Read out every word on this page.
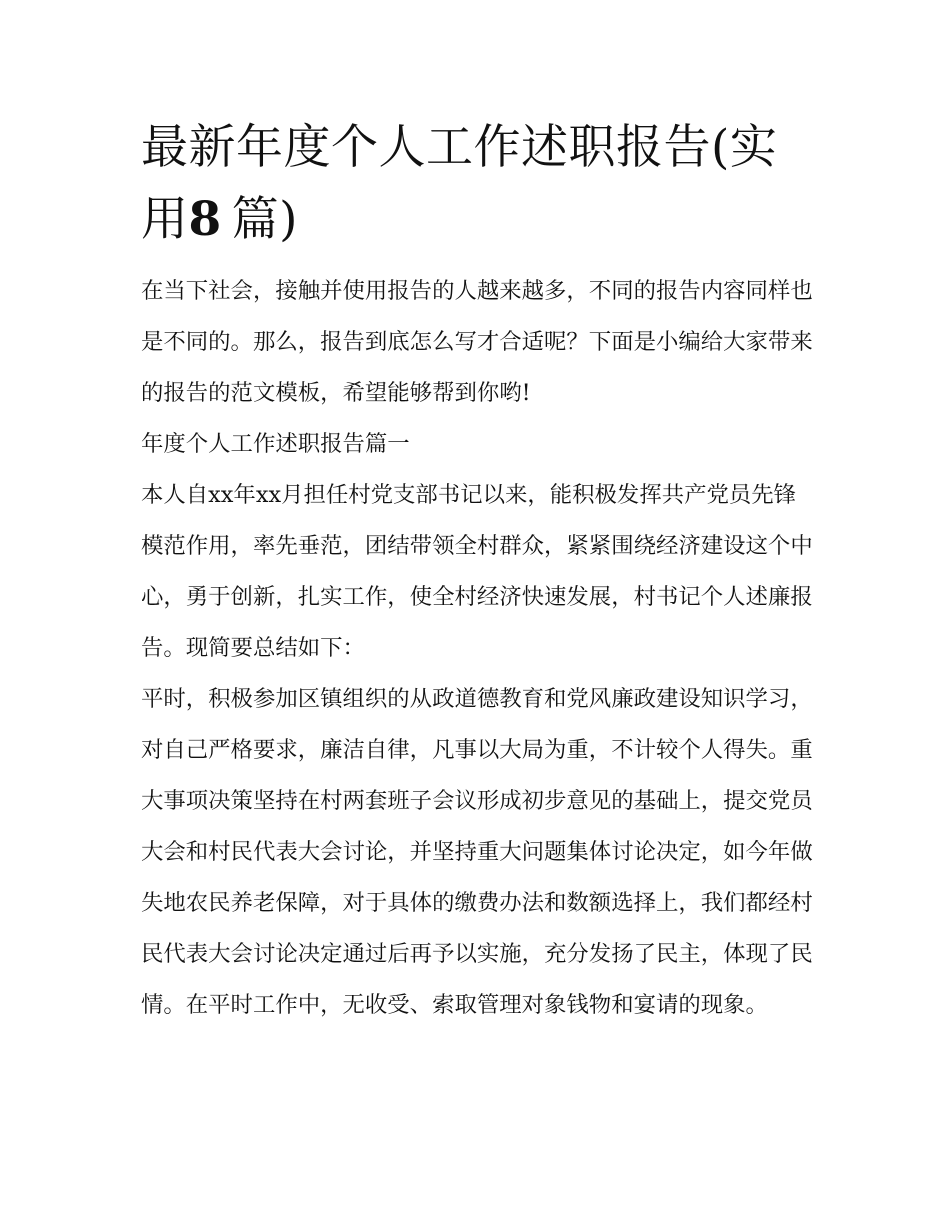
最新年度个人工作述职报告(实用8  篇)

在当下社会，接触并使用报告的人越来越多，不同的报告内容同样也是不同的。那么，报告到底怎么写才合适呢？下面是小编给大家带来的报告的范文模板，希望能够帮到你哟!

年度个人工作述职报告篇一

本人自xx年xx月担任村党支部书记以来，能积极发挥共产党员先锋模范作用，率先垂范，团结带领全村群众，紧紧围绕经济建设这个中心，勇于创新，扎实工作，使全村经济快速发展，村书记个人述廉报告。现简要总结如下：

平时，积极参加区镇组织的从政道德教育和党风廉政建设知识学习，对自己严格要求，廉洁自律，凡事以大局为重，不计较个人得失。重大事项决策坚持在村两套班子会议形成初步意见的基础上，提交党员大会和村民代表大会讨论，并坚持重大问题集体讨论决定，如今年做失地农民养老保障，对于具体的缴费办法和数额选择上，我们都经村民代表大会讨论决定通过后再予以实施，充分发扬了民主，体现了民情。在平时工作中，无收受、索取管理对象钱物和宴请的现象。
